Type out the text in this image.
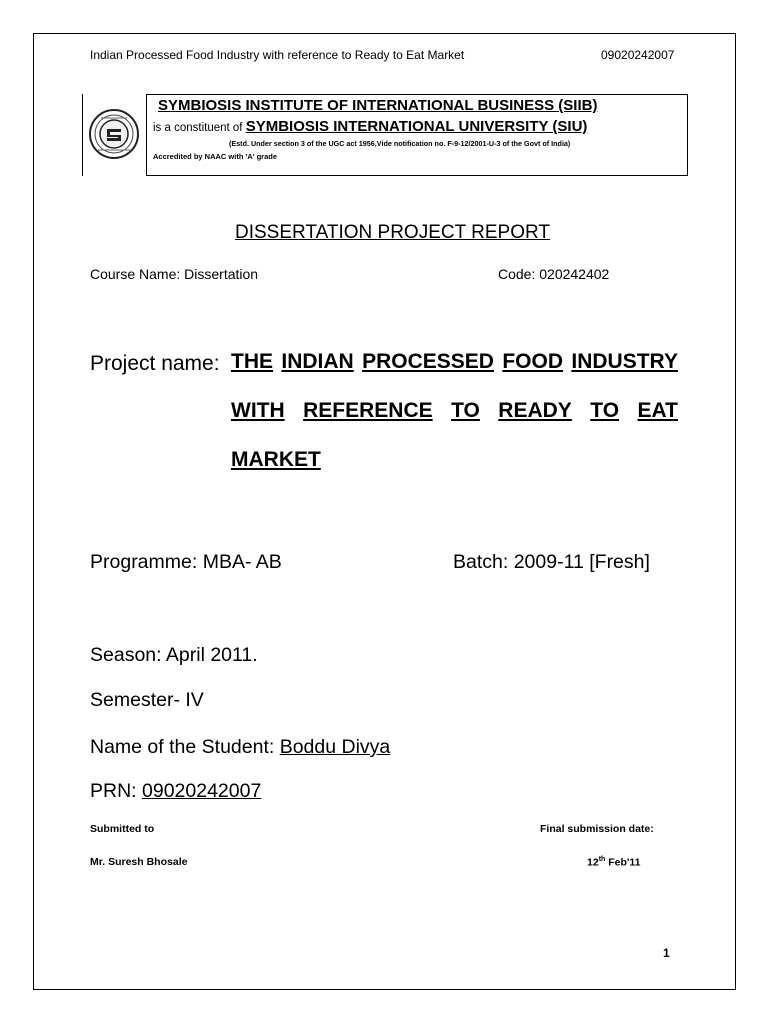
Indian Processed Food Industry with reference to Ready to Eat Market	09020242007
SYMBIOSIS INSTITUTE OF INTERNATIONAL BUSINESS (SIIB)
is a constituent of SYMBIOSIS INTERNATIONAL UNIVERSITY (SIU)
(Estd. Under section 3 of the UGC act 1956,Vide notification no. F-9-12/2001-U-3 of the Govt of India)
Accredited by NAAC with 'A' grade
DISSERTATION PROJECT REPORT
Course Name: Dissertation	Code: 020242402
Project name: THE INDIAN PROCESSED FOOD INDUSTRY
WITH REFERENCE TO READY TO EAT
MARKET
Programme: MBA- AB	Batch: 2009-11 [Fresh]
Season: April 2011.
Semester- IV
Name of the Student: Boddu Divya
PRN: 09020242007
Submitted to	Final submission date:
Mr. Suresh Bhosale	12th Feb'11
1
